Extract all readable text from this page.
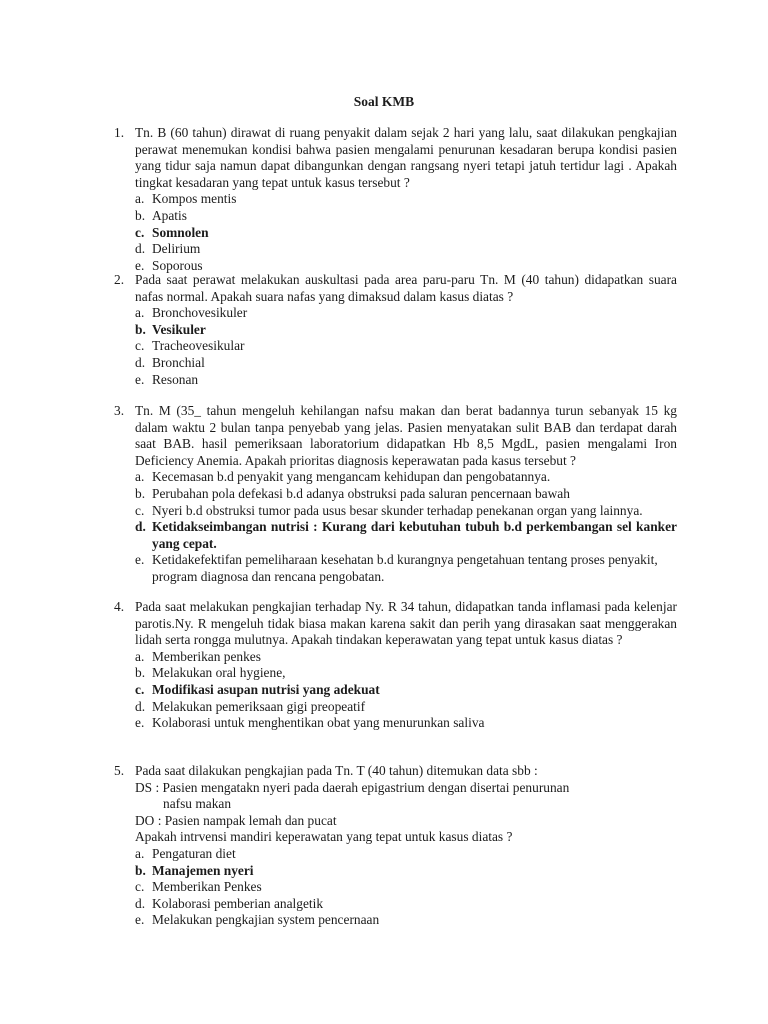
Soal KMB
1. Tn. B (60 tahun) dirawat di ruang penyakit dalam sejak 2 hari yang lalu, saat dilakukan pengkajian perawat menemukan kondisi bahwa pasien mengalami penurunan kesadaran berupa kondisi pasien yang tidur saja namun dapat dibangunkan dengan rangsang nyeri tetapi jatuh tertidur lagi . Apakah tingkat kesadaran yang tepat untuk kasus tersebut ?
a. Kompos mentis
b. Apatis
c. Somnolen
d. Delirium
e. Soporous
2. Pada saat perawat melakukan auskultasi pada area paru-paru Tn. M (40 tahun) didapatkan suara nafas normal. Apakah suara nafas yang dimaksud dalam kasus diatas ?
a. Bronchovesikuler
b. Vesikuler
c. Tracheovesikular
d. Bronchial
e. Resonan
3. Tn. M (35_ tahun mengeluh kehilangan nafsu makan dan berat badannya turun sebanyak 15 kg dalam waktu 2 bulan tanpa penyebab yang jelas. Pasien menyatakan sulit BAB dan terdapat darah saat BAB. hasil pemeriksaan laboratorium didapatkan Hb 8,5 MgdL, pasien mengalami Iron Deficiency Anemia. Apakah prioritas diagnosis keperawatan pada kasus tersebut ?
a. Kecemasan b.d penyakit yang mengancam kehidupan dan pengobatannya.
b. Perubahan pola defekasi b.d adanya obstruksi pada saluran pencernaan bawah
c. Nyeri b.d obstruksi tumor pada usus besar skunder terhadap penekanan organ yang lainnya.
d. Ketidakseimbangan nutrisi : Kurang dari kebutuhan tubuh b.d perkembangan sel kanker yang cepat.
e. Ketidakefektifan pemeliharaan kesehatan b.d kurangnya pengetahuan tentang proses penyakit, program diagnosa dan rencana pengobatan.
4. Pada saat melakukan pengkajian terhadap Ny. R 34 tahun, didapatkan tanda inflamasi pada kelenjar parotis.Ny. R mengeluh tidak biasa makan karena sakit dan perih yang dirasakan saat menggerakan lidah serta rongga mulutnya. Apakah tindakan keperawatan yang tepat untuk kasus diatas ?
a. Memberikan penkes
b. Melakukan oral hygiene,
c. Modifikasi asupan nutrisi yang adekuat
d. Melakukan pemeriksaan gigi preopeatif
e. Kolaborasi untuk menghentikan obat yang menurunkan saliva
5. Pada saat dilakukan pengkajian pada Tn. T (40 tahun) ditemukan data sbb :
DS : Pasien mengatakn nyeri pada daerah epigastrium dengan disertai penurunan
nafsu makan
DO : Pasien nampak lemah dan pucat
Apakah intrvensi mandiri keperawatan yang tepat untuk kasus diatas ?
a. Pengaturan diet
b. Manajemen nyeri
c. Memberikan Penkes
d. Kolaborasi pemberian analgetik
e. Melakukan pengkajian system pencernaan
